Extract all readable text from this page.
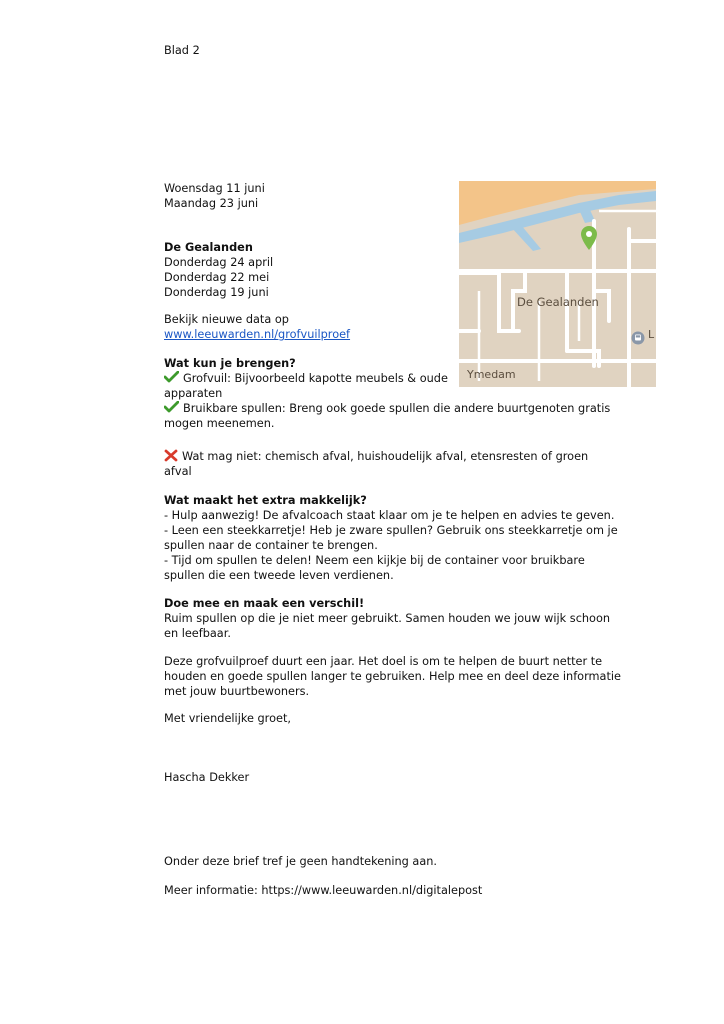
Blad 2
Woensdag 11 juni
Maandag 23 juni
De Gealanden
Donderdag 24 april
Donderdag 22 mei
Donderdag 19 juni
Bekijk nieuwe data op
www.leeuwarden.nl/grofvuilproef
De Gealanden
Ymedam
L
Wat kun je brengen?
Grofvuil: Bijvoorbeeld kapotte meubels & oude
apparaten
Bruikbare spullen: Breng ook goede spullen die andere buurtgenoten gratis
mogen meenemen.
Wat mag niet: chemisch afval, huishoudelijk afval, etensresten of groen
afval
Wat maakt het extra makkelijk?
- Hulp aanwezig! De afvalcoach staat klaar om je te helpen en advies te geven.
- Leen een steekkarretje! Heb je zware spullen? Gebruik ons steekkarretje om je
spullen naar de container te brengen.
- Tijd om spullen te delen! Neem een kijkje bij de container voor bruikbare
spullen die een tweede leven verdienen.
Doe mee en maak een verschil!
Ruim spullen op die je niet meer gebruikt. Samen houden we jouw wijk schoon
en leefbaar.
Deze grofvuilproef duurt een jaar. Het doel is om te helpen de buurt netter te
houden en goede spullen langer te gebruiken. Help mee en deel deze informatie
met jouw buurtbewoners.
Met vriendelijke groet,
Hascha Dekker
Onder deze brief tref je geen handtekening aan.
Meer informatie: https://www.leeuwarden.nl/digitalepost
